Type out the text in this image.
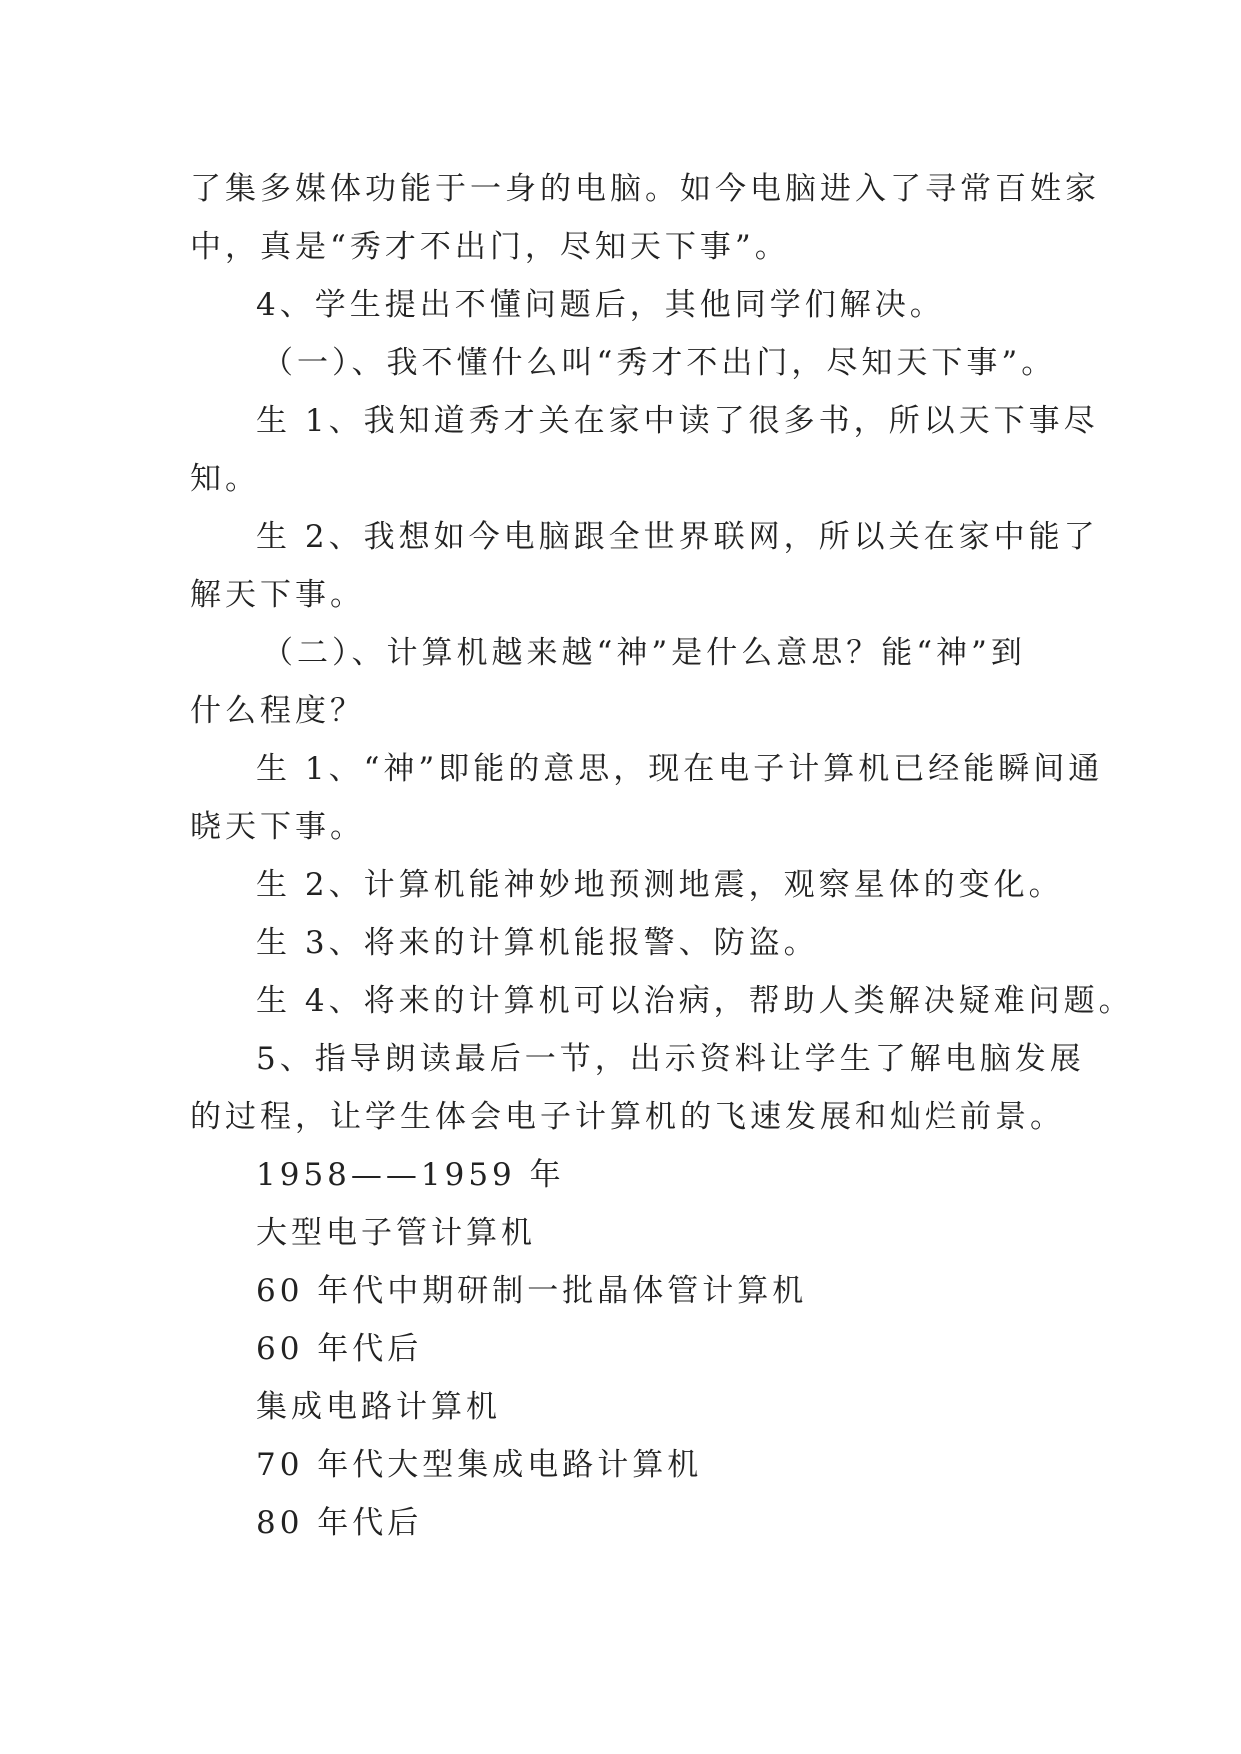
了集多媒体功能于一身的电脑。如今电脑进入了寻常百姓家
中，真是“秀才不出门，尽知天下事”。
4、学生提出不懂问题后，其他同学们解决。
（一）、我不懂什么叫“秀才不出门，尽知天下事”。
生 1、我知道秀才关在家中读了很多书，所以天下事尽
知。
生 2、我想如今电脑跟全世界联网，所以关在家中能了
解天下事。
（二）、计算机越来越“神”是什么意思？能“神”到
什么程度？
生 1、“神”即能的意思，现在电子计算机已经能瞬间通
晓天下事。
生 2、计算机能神妙地预测地震，观察星体的变化。
生 3、将来的计算机能报警、防盗。
生 4、将来的计算机可以治病，帮助人类解决疑难问题。
5、指导朗读最后一节，出示资料让学生了解电脑发展
的过程，让学生体会电子计算机的飞速发展和灿烂前景。
1958——1959 年
大型电子管计算机
60 年代中期研制一批晶体管计算机
60 年代后
集成电路计算机
70 年代大型集成电路计算机
80 年代后
